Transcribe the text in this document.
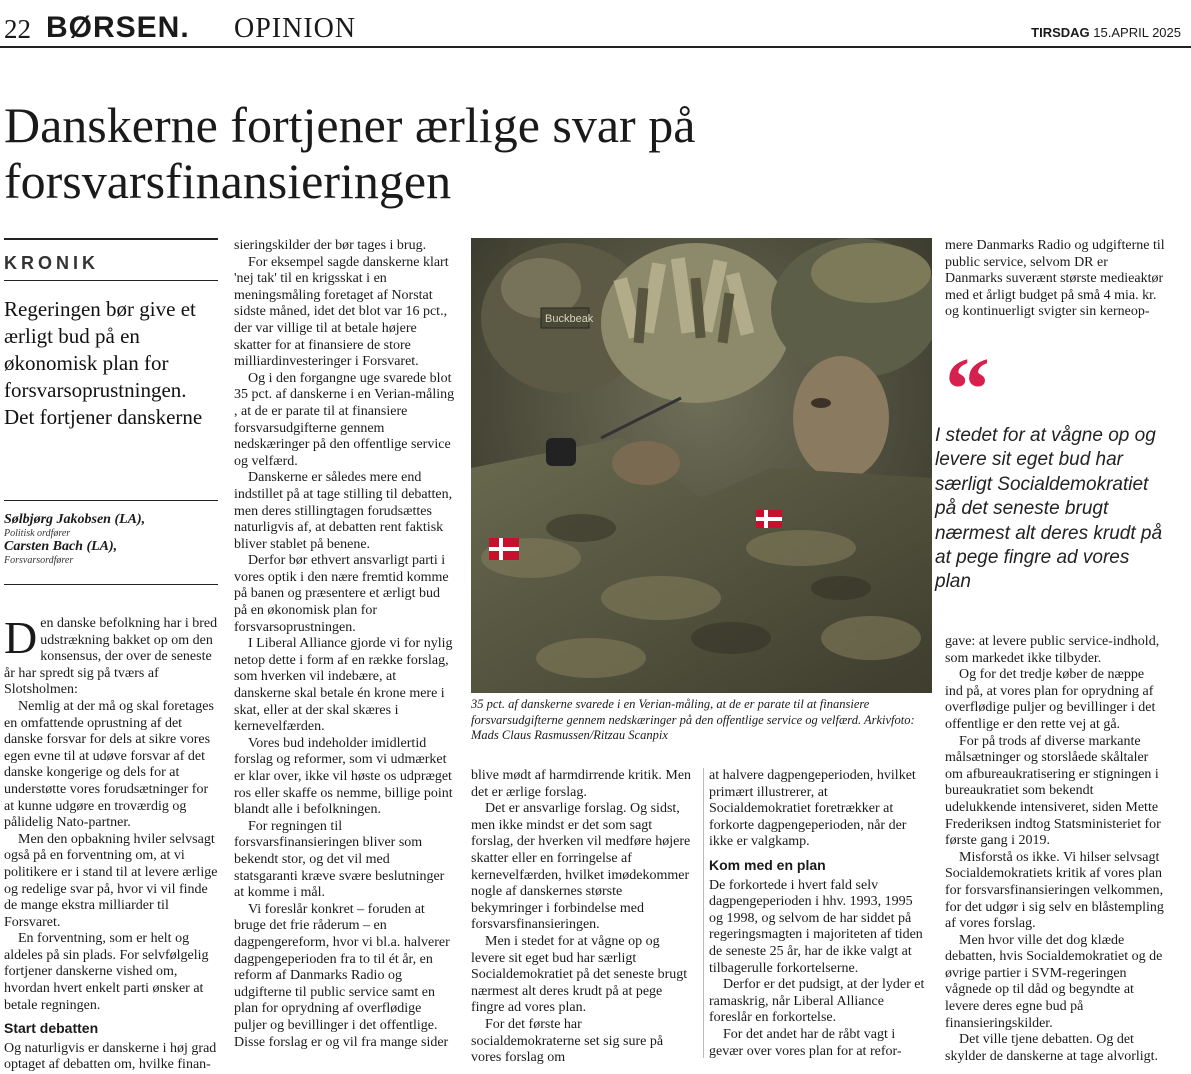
22 BØRSEN. OPINION	TIRSDAG 15.APRIL 2025
Danskerne fortjener ærlige svar på forsvarsfinansieringen
KRONIK

Regeringen bør give et ærligt bud på en økonomisk plan for forsvarsoprustningen. Det fortjener danskerne

Sølbjørg Jakobsen (LA),
Politisk ordfører
Carsten Bach (LA),
Forsvarsordfører

Den danske befolkning har i bred udstrækning bakket op om den konsensus, der over de seneste år har spredt sig på tværs af Slotsholmen:

Nemlig at der må og skal foretages en omfattende oprustning af det danske forsvar for dels at sikre vores egen evne til at udøve forsvar af det danske kongerige og dels for at understøtte vores forudsætninger for at kunne udgøre en troværdig og pålidelig Nato-partner.

Men den opbakning hviler selvsagt også på en forventning om, at vi politikere er i stand til at levere ærlige og redelige svar på, hvor vi vil finde de mange ekstra milliarder til Forsvaret.

En forventning, som er helt og aldeles på sin plads. For selvfølgelig fortjener danskerne vished om, hvordan hvert enkelt parti ønsker at betale regningen.

Start debatten

Og naturligvis er danskerne i høj grad optaget af debatten om, hvilke finan-

sieringskilder der bør tages i brug.

For eksempel sagde danskerne klart 'nej tak' til en krigsskat i en meningsmåling foretaget af Norstat sidste måned, idet det blot var 16 pct., der var villige til at betale højere skatter for at finansiere de store milliardinvesteringer i Forsvaret.

Og i den forgangne uge svarede blot 35 pct. af danskerne i en Verian-måling , at de er parate til at finansiere forsvarsudgifterne gennem nedskæringer på den offentlige service og velfærd.

Danskerne er således mere end indstillet på at tage stilling til debatten, men deres stillingtagen forudsættes naturligvis af, at debatten rent faktisk bliver stablet på benene.

Derfor bør ethvert ansvarligt parti i vores optik i den nære fremtid komme på banen og præsentere et ærligt bud på en økonomisk plan for forsvarsoprustningen.

I Liberal Alliance gjorde vi for nylig netop dette i form af en række forslag, som hverken vil indebære, at danskerne skal betale én krone mere i skat, eller at der skal skæres i kernevelfærden.

Vores bud indeholder imidlertid forslag og reformer, som vi udmærket er klar over, ikke vil høste os udpræget ros eller skaffe os nemme, billige point blandt alle i befolkningen.

For regningen til forsvarsfinansieringen bliver som bekendt stor, og det vil med statsgaranti kræve svære beslutninger at komme i mål.

Vi foreslår konkret – foruden at bruge det frie råderum – en dagpengereform, hvor vi bl.a. halverer dagpengeperioden fra to til ét år, en reform af Danmarks Radio og udgifterne til public service samt en plan for oprydning af overflødige puljer og bevillinger i det offentlige.

Disse forslag er og vil fra mange sider

Buckbeak
35 pct. af danskerne svarede i en Verian-måling, at de er parate til at finansiere forsvarsudgifterne gennem nedskæringer på den offentlige service og velfærd. Arkivfoto: Mads Claus Rasmussen/Ritzau Scanpix

blive mødt af harmdirrende kritik. Men det er ærlige forslag.

Det er ansvarlige forslag. Og sidst, men ikke mindst er det som sagt forslag, der hverken vil medføre højere skatter eller en forringelse af kernevelfærden, hvilket imødekommer nogle af danskernes største bekymringer i forbindelse med forsvarsfinansieringen.

Men i stedet for at vågne op og levere sit eget bud har særligt Socialdemokratiet på det seneste brugt nærmest alt deres krudt på at pege fingre ad vores plan.

For det første har socialdemokraterne set sig sure på vores forslag om

at halvere dagpengeperioden, hvilket primært illustrerer, at Socialdemokratiet foretrækker at forkorte dagpengeperioden, når der ikke er valgkamp.

Kom med en plan

De forkortede i hvert fald selv dagpengeperioden i hhv. 1993, 1995 og 1998, og selvom de har siddet på regeringsmagten i majoriteten af tiden de seneste 25 år, har de ikke valgt at tilbagerulle forkortelserne.

Derfor er det pudsigt, at der lyder et ramaskrig, når Liberal Alliance foreslår en forkortelse.

For det andet har de råbt vagt i gevær over vores plan for at refor-

mere Danmarks Radio og udgifterne til public service, selvom DR er Danmarks suverænt største medieaktør med et årligt budget på små 4 mia. kr. og kontinuerligt svigter sin kerneop-

“
I stedet for at vågne op og levere sit eget bud har særligt Socialdemokratiet på det seneste brugt nærmest alt deres krudt på at pege fingre ad vores plan

gave: at levere public service-indhold, som markedet ikke tilbyder.

Og for det tredje køber de næppe ind på, at vores plan for oprydning af overflødige puljer og bevillinger i det offentlige er den rette vej at gå.

For på trods af diverse markante målsætninger og storslåede skåltaler om afbureaukratisering er stigningen i bureaukratiet som bekendt udelukkende intensiveret, siden Mette Frederiksen indtog Statsministeriet for første gang i 2019.

Misforstå os ikke. Vi hilser selvsagt Socialdemokratiets kritik af vores plan for forsvarsfinansieringen velkommen, for det udgør i sig selv en blåstempling af vores forslag.

Men hvor ville det dog klæde debatten, hvis Socialdemokratiet og de øvrige partier i SVM-regeringen vågnede op til dåd og begyndte at levere deres egne bud på finansieringskilder.

Det ville tjene debatten. Og det skylder de danskerne at tage alvorligt.
